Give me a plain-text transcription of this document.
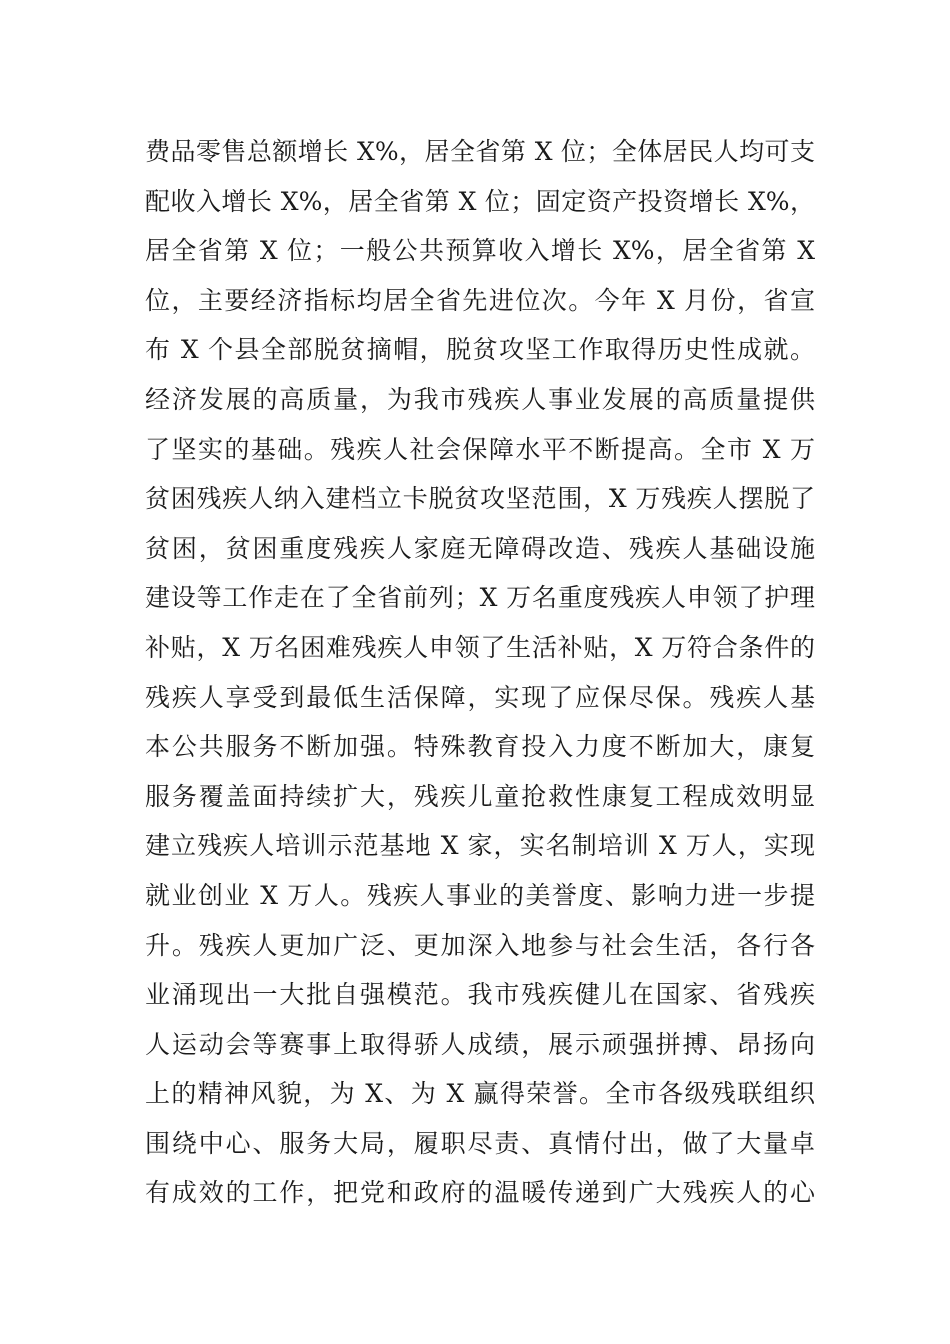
费品零售总额增长 X%，居全省第 X 位；全体居民人均可支
配收入增长 X%，居全省第 X 位；固定资产投资增长 X%，
居全省第 X 位；一般公共预算收入增长 X%，居全省第 X
位，主要经济指标均居全省先进位次。今年 X 月份，省宣
布 X 个县全部脱贫摘帽，脱贫攻坚工作取得历史性成就。
经济发展的高质量，为我市残疾人事业发展的高质量提供
了坚实的基础。残疾人社会保障水平不断提高。全市 X 万
贫困残疾人纳入建档立卡脱贫攻坚范围，X 万残疾人摆脱了
贫困，贫困重度残疾人家庭无障碍改造、残疾人基础设施
建设等工作走在了全省前列；X 万名重度残疾人申领了护理
补贴，X 万名困难残疾人申领了生活补贴，X 万符合条件的
残疾人享受到最低生活保障，实现了应保尽保。残疾人基
本公共服务不断加强。特殊教育投入力度不断加大，康复
服务覆盖面持续扩大，残疾儿童抢救性康复工程成效明显
建立残疾人培训示范基地 X 家，实名制培训 X 万人，实现
就业创业 X 万人。残疾人事业的美誉度、影响力进一步提
升。残疾人更加广泛、更加深入地参与社会生活，各行各
业涌现出一大批自强模范。我市残疾健儿在国家、省残疾
人运动会等赛事上取得骄人成绩，展示顽强拼搏、昂扬向
上的精神风貌，为 X、为 X 赢得荣誉。全市各级残联组织
围绕中心、服务大局，履职尽责、真情付出，做了大量卓
有成效的工作，把党和政府的温暖传递到广大残疾人的心
